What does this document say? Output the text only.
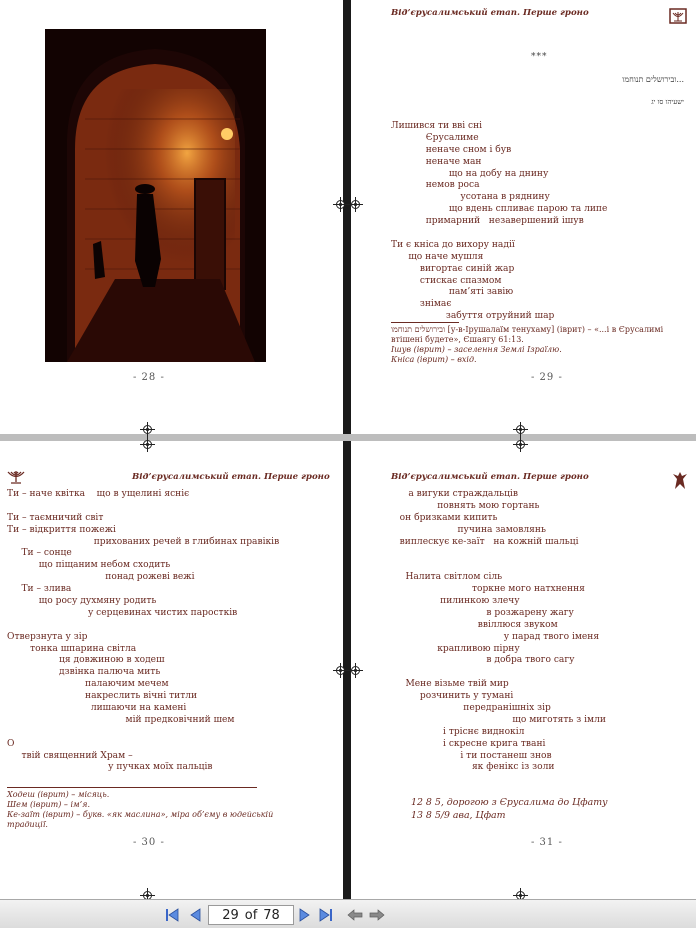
- 28 -
Від’єрусалимський етап. Перше гроно
***
...ובירושלים תנוחמו
ישעיהו סו יג
Лишився ти вві сні
Єрусалиме
неначе сном і був
неначе ман
що на добу на днину
немов роса
усотана в ряднину
що вдень спливає парою та липе
примарний   незавершений ішув
Ти є кніса до вихору надії
що наче мушля
вигортає синій жар
стискає спазмом
пам’яті завію
знімає
забуття отруйний шар
ובירושלים תנוחמו [у-в-Ірушалаїм тенухаму] (іврит) – «...і в Єрусалимі втішені будете», Єшаягу 61:13.
Ішув (іврит) – заселення Землі Ізраїлю.
Кніса (іврит) – вхід.
- 29 -
Від’єрусалимський етап. Перше гроно
Ти – наче квітка    що в ущелині ясніє
Ти – таємничий світ
Ти – відкриття пожежі
прихованих речей в глибинах правіків
Ти – сонце
що піщаним небом сходить
понад рожеві вежі
Ти – злива
що росу духмяну родить
у серцевинах чистих паростків
Отверзнута у зір
тонка шпарина світла
ця довжиною в ходеш
дзвінка палюча мить
палаючим мечем
накреслить вічні титли
лишаючи на камені
мій предковічний шем
О
твій священний Храм –
у пучках моїх пальців
Ходеш (іврит) – місяць.
Шем (іврит) – ім’я.
Ке-заїт (іврит) – букв. «як маслина», міра об’єму в юдейській традиції.
- 30 -
Від’єрусалимський етап. Перше гроно
а вигуки страждальців
повнять мою гортань
он бризками кипить
пучина замовлянь
виплескує ке-заїт   на кожній шальці
Налита світлом сіль
торкне мого натхнення
пилинкою злечу
в розжарену жагу
ввіллюся звуком
у парад твого іменя
крапливою пірну
в добра твого сагу
Мене візьме твій мир
розчинить у тумані
передранішніх зір
що миготять з імли
і тріснє виднокіл
і скресне крига твані
і ти постанеш знов
як фенікс із золи
12 8 5, дорогою з Єрусалима до Цфату
13 8 5/9 ава, Цфат
- 31 -
29 of 78
